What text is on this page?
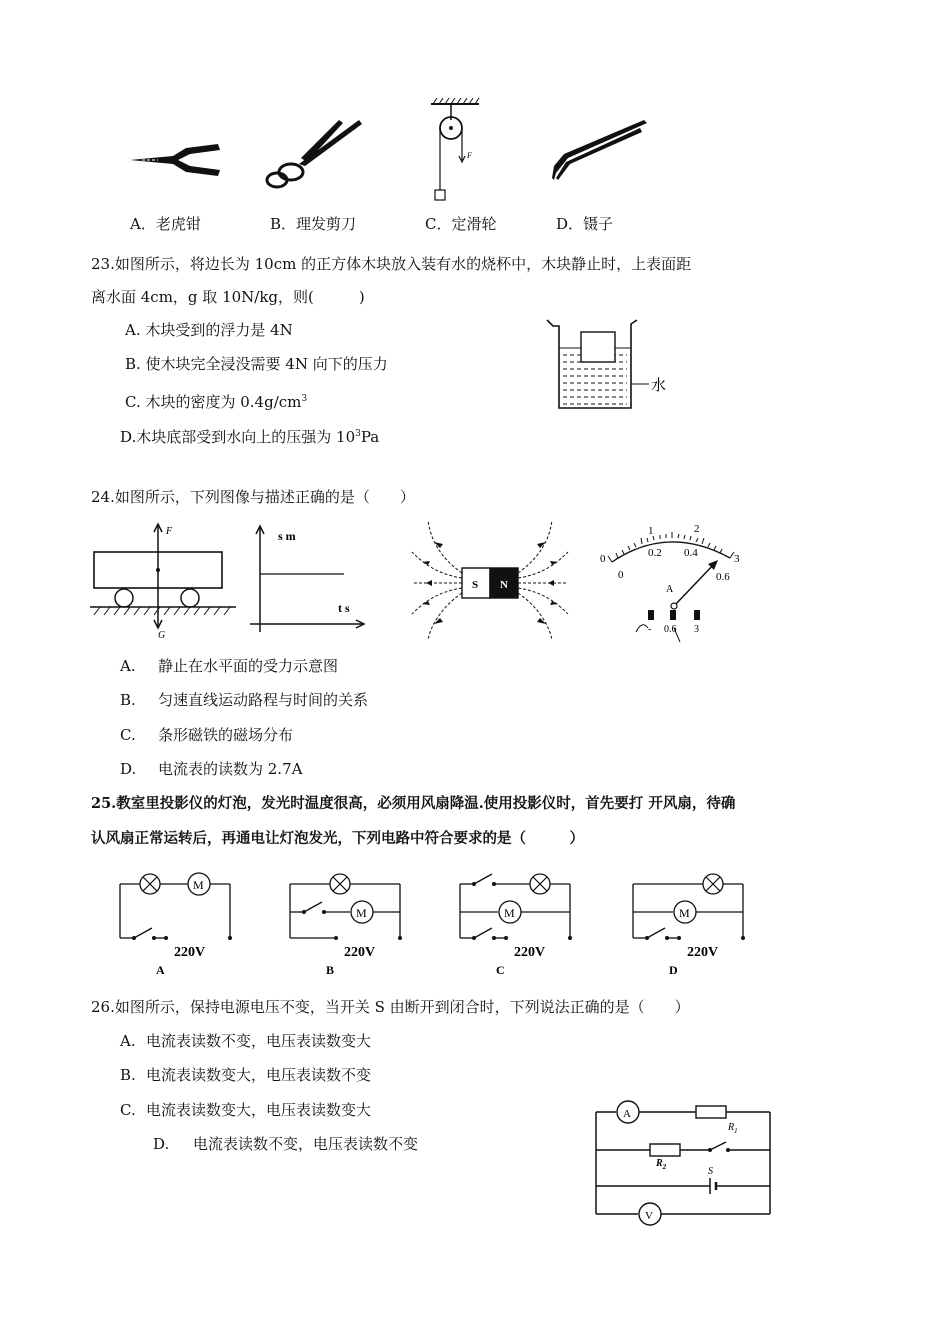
F
A．老虎钳	B．理发剪刀	C．定滑轮	D．镊子
23.如图所示，将边长为 10cm 的正方体木块放入装有水的烧杯中，木块静止时，上表面距
离水面 4cm，g 取 10N/kg，则(　　　)
A. 木块受到的浮力是 4N
B. 使木块完全浸没需要 4N 向下的压力
C. 木块的密度为 $0.4g/cm^3$
D.木块底部受到水向上的压强为 $10^3Pa$
水
24.如图所示，下列图像与描述正确的是（　　）
F
G
s m
t s
S N
0
1	2
3
0
0.2 0.4
0.6
A
- 0.6 3
A. 静止在水平面的受力示意图
B. 匀速直线运动路程与时间的关系
C. 条形磁铁的磁场分布
D. 电流表的读数为 2.7A
25.教室里投影仪的灯泡，发光时温度很高，必须用风扇降温.使用投影仪时，首先要打 开风扇，待确
认风扇正常运转后，再通电让灯泡发光，下列电路中符合要求的是（　　　）
M
220V
A
M
220V
B
M
220V
C
M
220V
D
26.如图所示，保持电源电压不变，当开关 S 由断开到闭合时，下列说法正确的是（　　）
A. 电流表读数不变，电压表读数变大
B. 电流表读数变大，电压表读数不变
C. 电流表读数变大，电压表读数变大
D. 电流表读数不变，电压表读数不变
A
$R_1$
$R_2$	S
V
